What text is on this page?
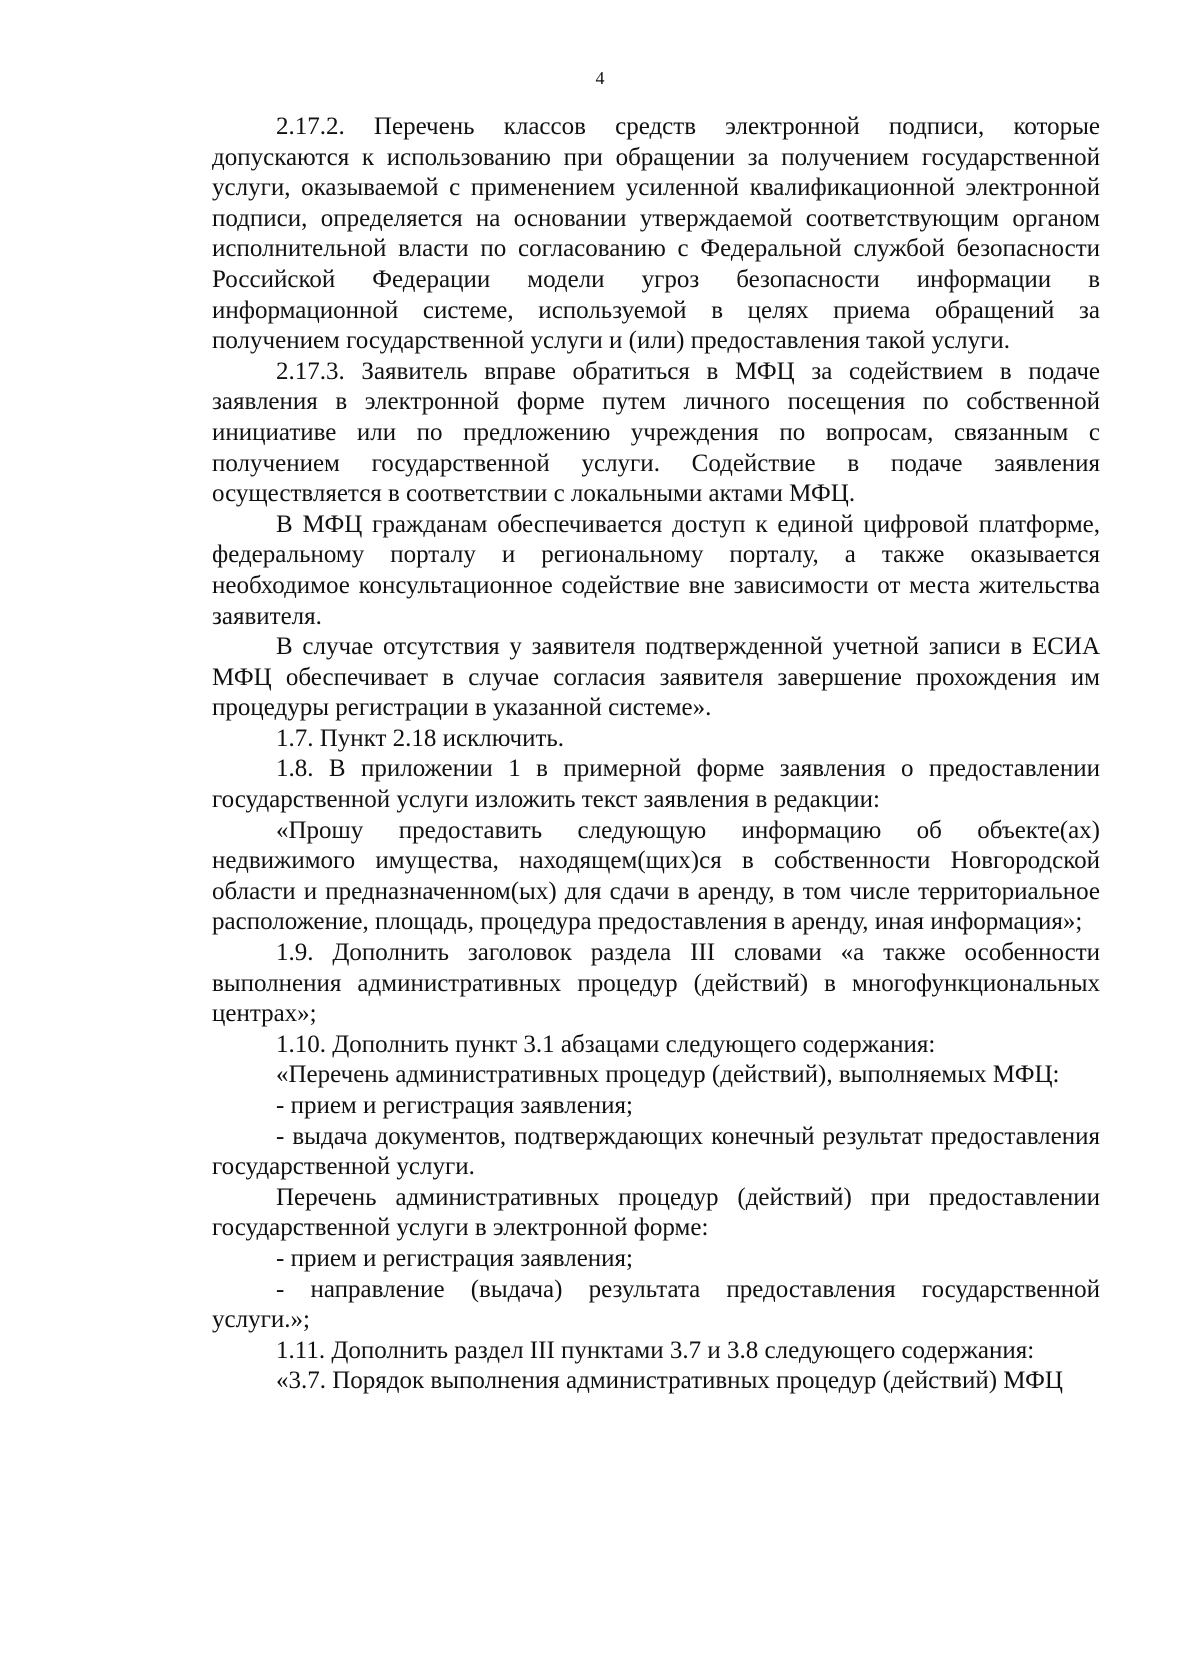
4

2.17.2. Перечень классов средств электронной подписи, которые допускаются к использованию при обращении за получением государственной услуги, оказываемой с применением усиленной квалификационной электронной подписи, определяется на основании утверждаемой соответствующим органом исполнительной власти по согласованию с Федеральной службой безопасности Российской Федерации модели угроз безопасности информации в информационной системе, используемой в целях приема обращений за получением государственной услуги и (или) предоставления такой услуги.

2.17.3. Заявитель вправе обратиться в МФЦ за содействием в подаче заявления в электронной форме путем личного посещения по собственной инициативе или по предложению учреждения по вопросам, связанным с получением государственной услуги. Содействие в подаче заявления осуществляется в соответствии с локальными актами МФЦ.

В МФЦ гражданам обеспечивается доступ к единой цифровой платформе, федеральному порталу и региональному порталу, а также оказывается необходимое консультационное содействие вне зависимости от места жительства заявителя.

В случае отсутствия у заявителя подтвержденной учетной записи в ЕСИА МФЦ обеспечивает в случае согласия заявителя завершение прохождения им процедуры регистрации в указанной системе».

1.7. Пункт 2.18 исключить.

1.8. В приложении 1 в примерной форме заявления о предоставлении государственной услуги изложить текст заявления в редакции:

«Прошу предоставить следующую информацию об объекте(ах) недвижимого имущества, находящем(щих)ся в собственности Новгородской области и предназначенном(ых) для сдачи в аренду, в том числе территориальное расположение, площадь, процедура предоставления в аренду, иная информация»;

1.9. Дополнить заголовок раздела III словами «а также особенности выполнения административных процедур (действий) в многофункциональных центрах»;

1.10. Дополнить пункт 3.1 абзацами следующего содержания:

«Перечень административных процедур (действий), выполняемых МФЦ:

- прием и регистрация заявления;

- выдача документов, подтверждающих конечный результат предоставления государственной услуги.

Перечень административных процедур (действий) при предоставлении государственной услуги в электронной форме:

- прием и регистрация заявления;

- направление (выдача) результата предоставления государственной услуги.»;

1.11. Дополнить раздел III пунктами 3.7 и 3.8 следующего содержания:

«3.7. Порядок выполнения административных процедур (действий) МФЦ
